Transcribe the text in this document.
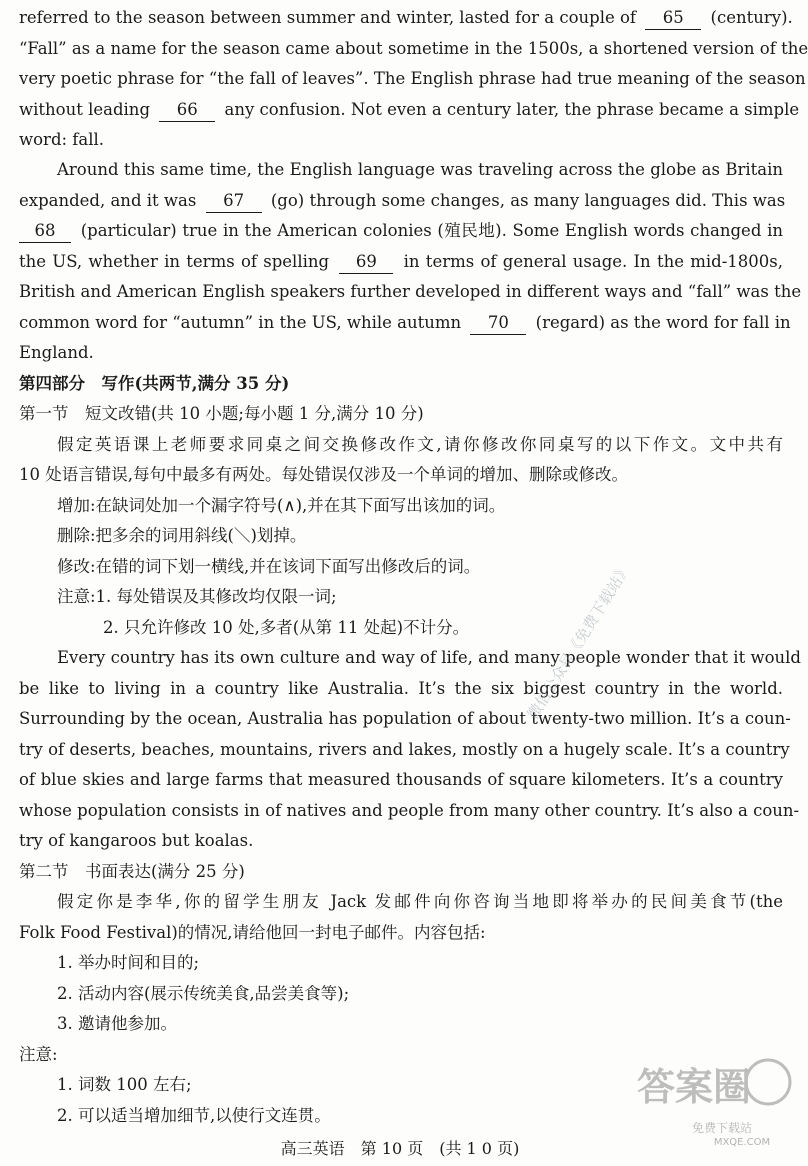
referred to the season between summer and winter, lasted for a couple of 65 (century).
“Fall” as a name for the season came about sometime in the 1500s, a shortened version of the
very poetic phrase for “the fall of leaves”. The English phrase had true meaning of the season
without leading 66 any confusion. Not even a century later, the phrase became a simple
word: fall.
Around this same time, the English language was traveling across the globe as Britain
expanded, and it was 67 (go) through some changes, as many languages did. This was
68 (particular) true in the American colonies (殖民地). Some English words changed in
the US, whether in terms of spelling 69 in terms of general usage. In the mid-1800s,
British and American English speakers further developed in different ways and “fall” was the
common word for “autumn” in the US, while autumn 70 (regard) as the word for fall in
England.
第四部分　写作(共两节,满分 35 分)
第一节　短文改错(共 10 小题;每小题 1 分,满分 10 分)
假定英语课上老师要求同桌之间交换修改作文,请你修改你同桌写的以下作文。文中共有
10 处语言错误,每句中最多有两处。每处错误仅涉及一个单词的增加、删除或修改。
增加:在缺词处加一个漏字符号(∧),并在其下面写出该加的词。
删除:把多余的词用斜线(＼)划掉。
修改:在错的词下划一横线,并在该词下面写出修改后的词。
注意:1. 每处错误及其修改均仅限一词;
2. 只允许修改 10 处,多者(从第 11 处起)不计分。
Every country has its own culture and way of life, and many people wonder that it would
be like to living in a country like Australia. It’s the six biggest country in the world.
Surrounding by the ocean, Australia has population of about twenty-two million. It’s a coun-
try of deserts, beaches, mountains, rivers and lakes, mostly on a hugely scale. It’s a country
of blue skies and large farms that measured thousands of square kilometers. It’s a country
whose population consists in of natives and people from many other country. It’s also a coun-
try of kangaroos but koalas.
第二节　书面表达(满分 25 分)
假定你是李华,你的留学生朋友 Jack 发邮件向你咨询当地即将举办的民间美食节(the
Folk Food Festival)的情况,请给他回一封电子邮件。内容包括:
1. 举办时间和目的;
2. 活动内容(展示传统美食,品尝美食等);
3. 邀请他参加。
注意:
1. 词数 100 左右;
2. 可以适当增加细节,以使行文连贯。
高三英语　第 10 页　(共 1 0 页)
微信公众号《免费下载站》
答案圈
免费下载站
MXQE.COM
